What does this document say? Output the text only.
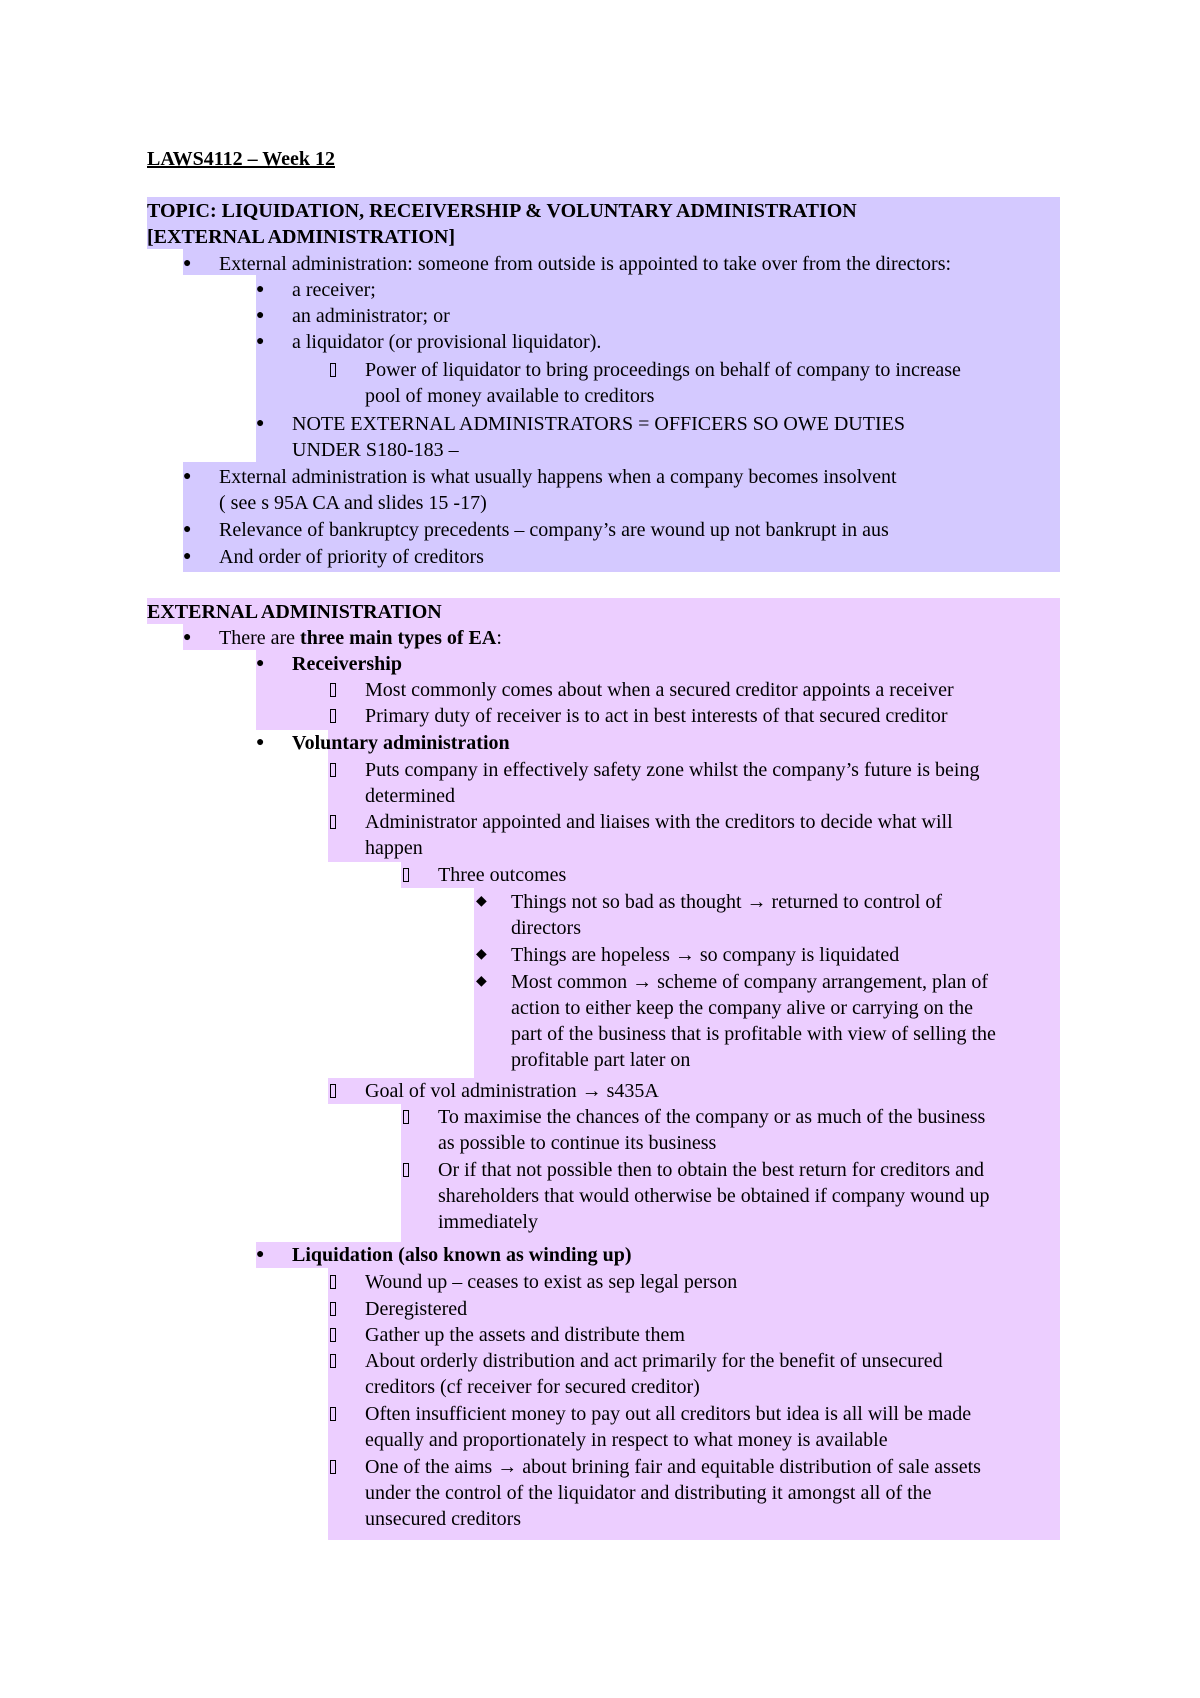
LAWS4112 – Week 12
TOPIC: LIQUIDATION, RECEIVERSHIP & VOLUNTARY ADMINISTRATION
[EXTERNAL ADMINISTRATION]
● External administration: someone from outside is appointed to take over from the directors:
● a receiver;
● an administrator; or
● a liquidator (or provisional liquidator).
Power of liquidator to bring proceedings on behalf of company to increase
pool of money available to creditors
● NOTE EXTERNAL ADMINISTRATORS = OFFICERS SO OWE DUTIES
UNDER S180-183 –
● External administration is what usually happens when a company becomes insolvent
( see s 95A CA and slides 15 -17)
● Relevance of bankruptcy precedents – company’s are wound up not bankrupt in aus
● And order of priority of creditors
EXTERNAL ADMINISTRATION
● There are three main types of EA:
● Receivership
Most commonly comes about when a secured creditor appoints a receiver
Primary duty of receiver is to act in best interests of that secured creditor
● Voluntary administration
Puts company in effectively safety zone whilst the company’s future is being
determined
Administrator appointed and liaises with the creditors to decide what will
happen
Three outcomes
◆ Things not so bad as thought → returned to control of
directors
◆ Things are hopeless → so company is liquidated
◆ Most common → scheme of company arrangement, plan of
action to either keep the company alive or carrying on the
part of the business that is profitable with view of selling the
profitable part later on
Goal of vol administration → s435A
To maximise the chances of the company or as much of the business
as possible to continue its business
Or if that not possible then to obtain the best return for creditors and
shareholders that would otherwise be obtained if company wound up
immediately
● Liquidation (also known as winding up)
Wound up – ceases to exist as sep legal person
Deregistered
Gather up the assets and distribute them
About orderly distribution and act primarily for the benefit of unsecured
creditors (cf receiver for secured creditor)
Often insufficient money to pay out all creditors but idea is all will be made
equally and proportionately in respect to what money is available
One of the aims → about brining fair and equitable distribution of sale assets
under the control of the liquidator and distributing it amongst all of the
unsecured creditors
